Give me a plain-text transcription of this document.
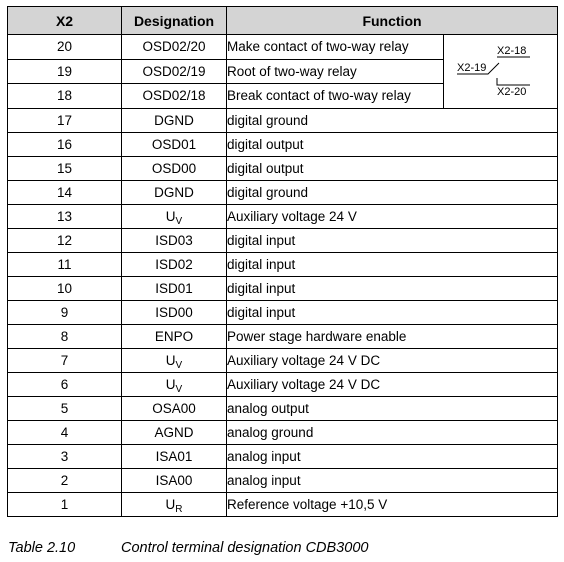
X2	Designation	Function	
20	OSD02/20	Make contact of two-way relay	X2-18
X2-19
X2-20

19	OSD02/19	Root of two-way relay	
18	OSD02/18	Break contact of two-way relay	
17	DGND	digital ground	
16	OSD01	digital output	
15	OSD00	digital output	
14	DGND	digital ground	
13	$U_V$	Auxiliary voltage 24 V	
12	ISD03	digital input	
11	ISD02	digital input	
10	ISD01	digital input	
9	ISD00	digital input	
8	ENPO	Power stage hardware enable	
7	$U_V$	Auxiliary voltage 24 V DC	
6	$U_V$	Auxiliary voltage 24 V DC	
5	OSA00	analog output	
4	AGND	analog ground	
3	ISA01	analog input	
2	ISA00	analog input	
1	$U_R$	Reference voltage +10,5 V	
Table 2.10	Control terminal designation CDB3000
